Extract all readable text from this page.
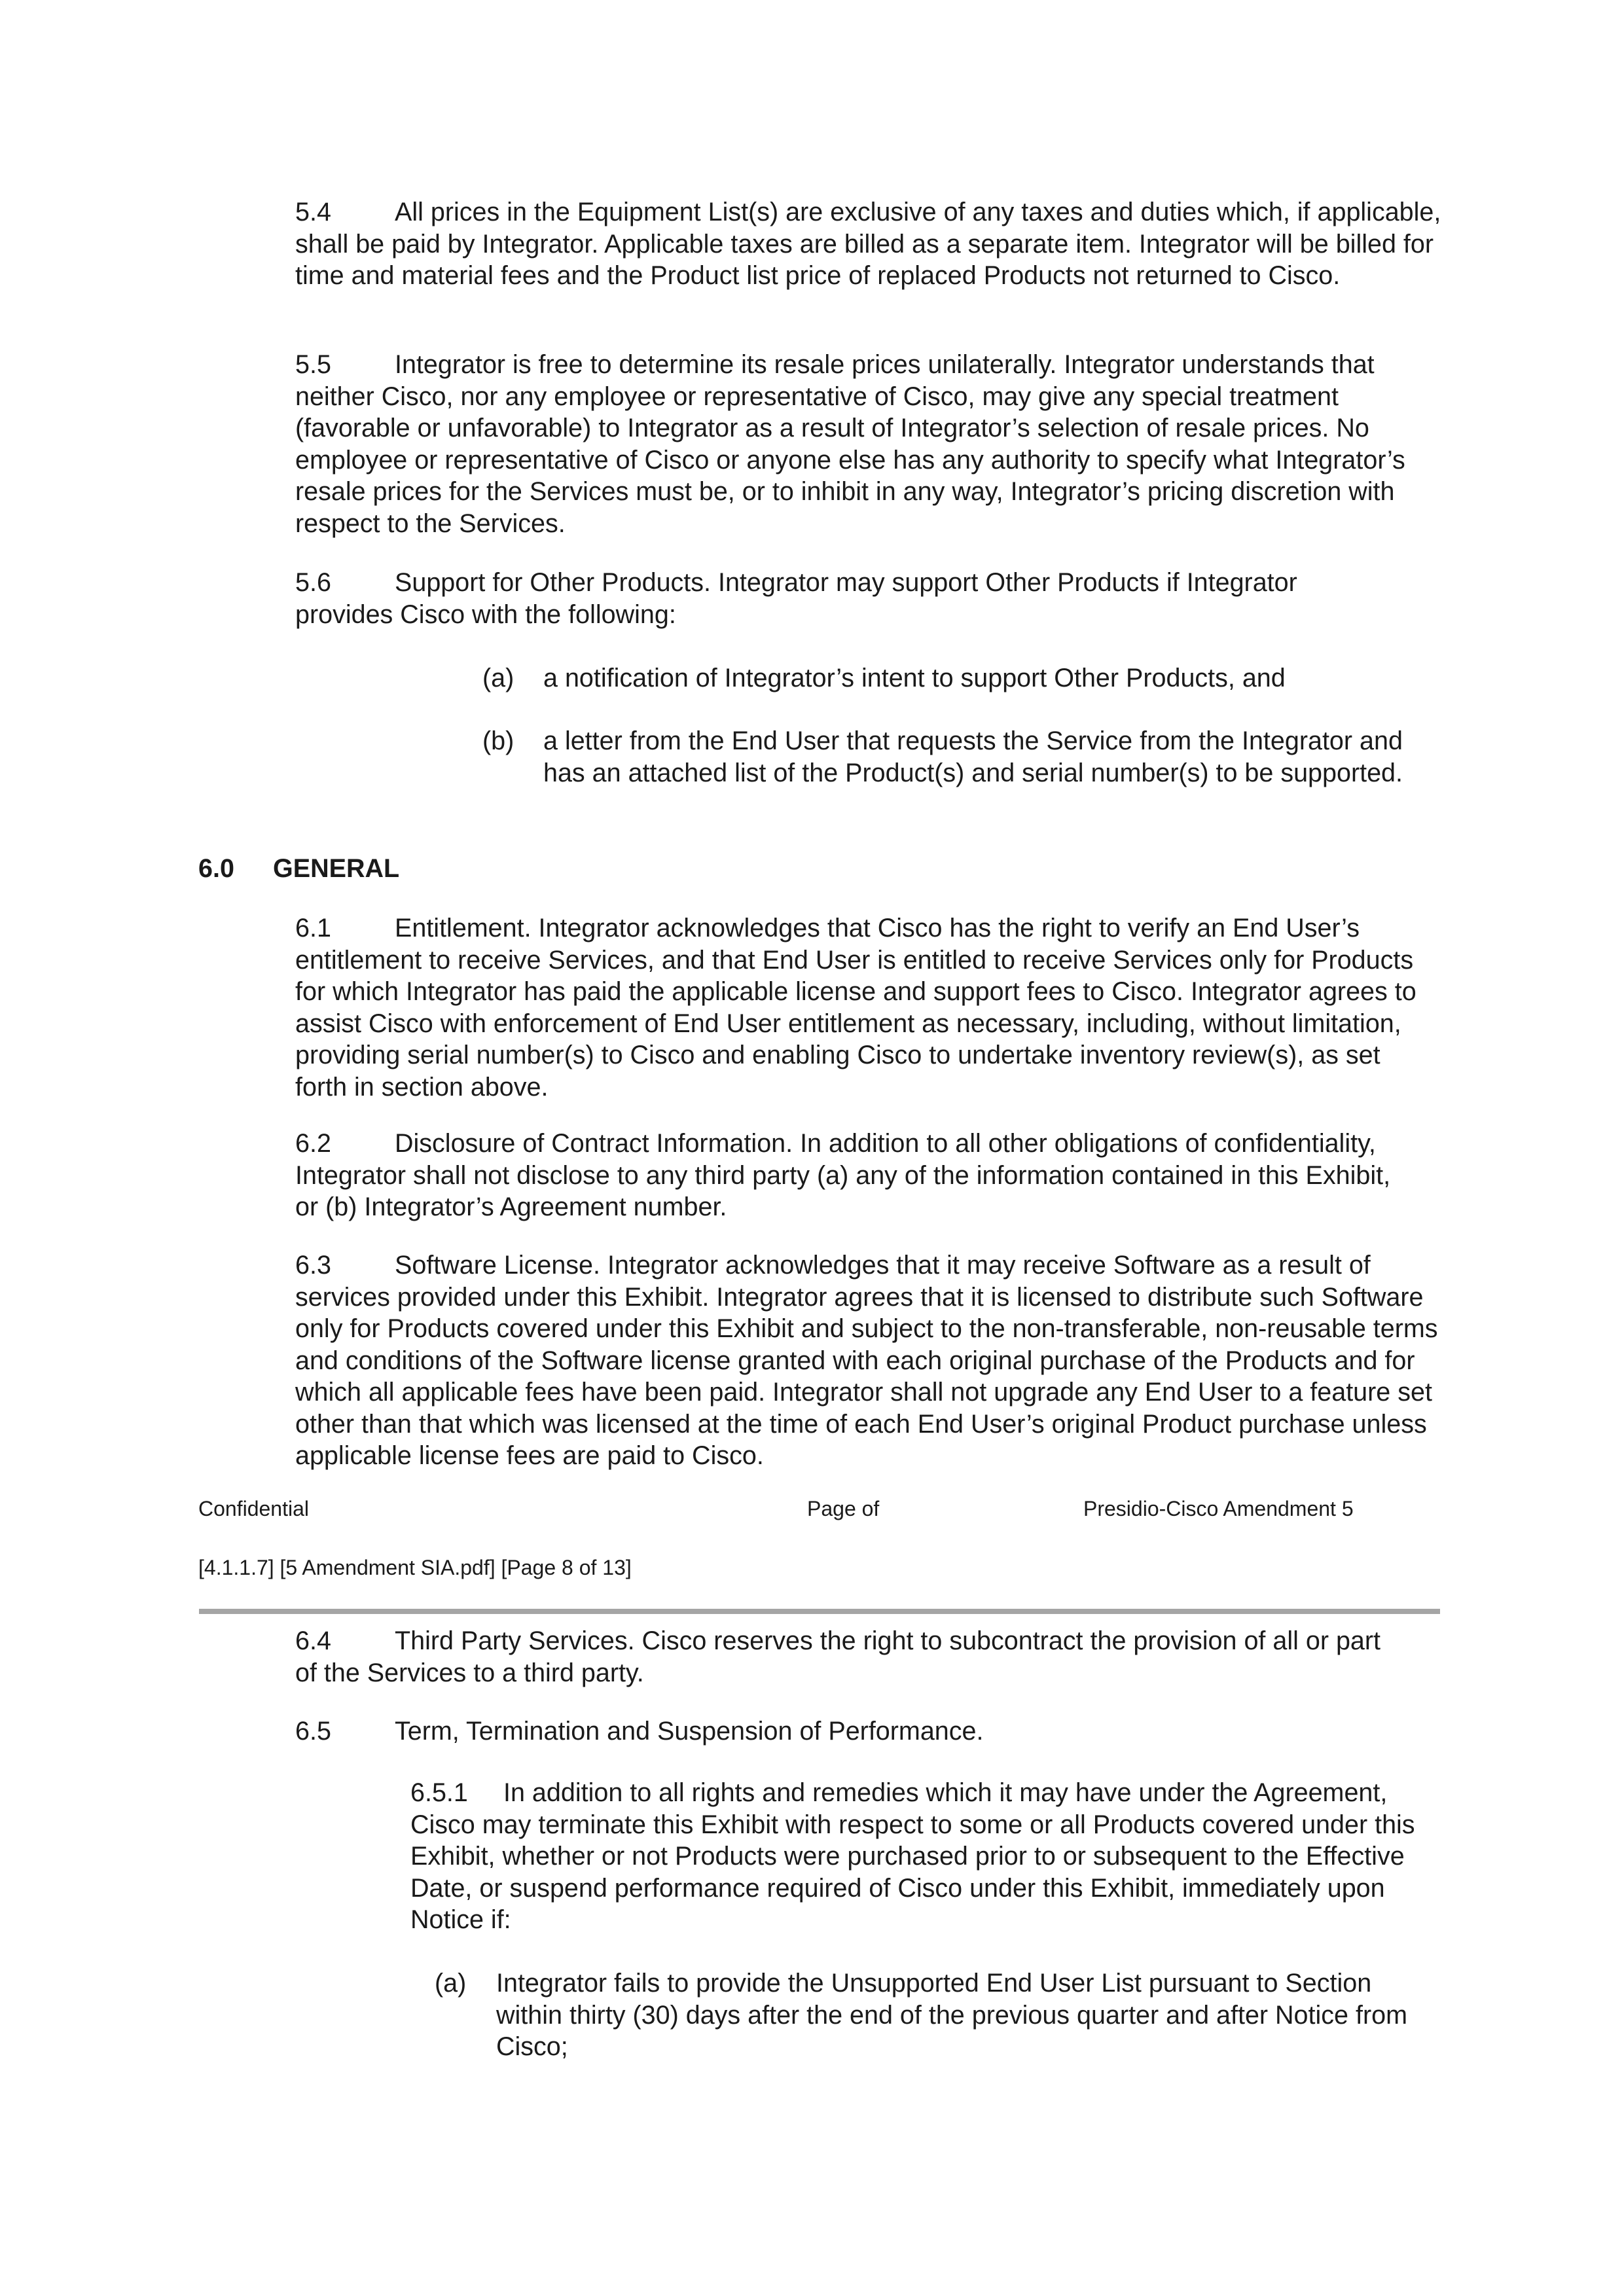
5.4 All prices in the Equipment List(s) are exclusive of any taxes and duties which, if applicable, shall be paid by Integrator. Applicable taxes are billed as a separate item. Integrator will be billed for time and material fees and the Product list price of replaced Products not returned to Cisco.

5.5 Integrator is free to determine its resale prices unilaterally. Integrator understands that neither Cisco, nor any employee or representative of Cisco, may give any special treatment (favorable or unfavorable) to Integrator as a result of Integrator’s selection of resale prices. No employee or representative of Cisco or anyone else has any authority to specify what Integrator’s resale prices for the Services must be, or to inhibit in any way, Integrator’s pricing discretion with respect to the Services.

5.6 Support for Other Products. Integrator may support Other Products if Integrator provides Cisco with the following:

(a) a notification of Integrator’s intent to support Other Products, and
(b) a letter from the End User that requests the Service from the Integrator and has an attached list of the Product(s) and serial number(s) to be supported.

6.0 GENERAL

6.1 Entitlement. Integrator acknowledges that Cisco has the right to verify an End User’s entitlement to receive Services, and that End User is entitled to receive Services only for Products for which Integrator has paid the applicable license and support fees to Cisco. Integrator agrees to assist Cisco with enforcement of End User entitlement as necessary, including, without limitation, providing serial number(s) to Cisco and enabling Cisco to undertake inventory review(s), as set forth in section above.

6.2 Disclosure of Contract Information. In addition to all other obligations of confidentiality, Integrator shall not disclose to any third party (a) any of the information contained in this Exhibit, or (b) Integrator’s Agreement number.

6.3 Software License. Integrator acknowledges that it may receive Software as a result of services provided under this Exhibit. Integrator agrees that it is licensed to distribute such Software only for Products covered under this Exhibit and subject to the non-transferable, non-reusable terms and conditions of the Software license granted with each original purchase of the Products and for which all applicable fees have been paid. Integrator shall not upgrade any End User to a feature set other than that which was licensed at the time of each End User’s original Product purchase unless applicable license fees are paid to Cisco.

Confidential	Page of	Presidio-Cisco Amendment 5

[4.1.1.7] [5 Amendment SIA.pdf] [Page 8 of 13]

6.4 Third Party Services. Cisco reserves the right to subcontract the provision of all or part of the Services to a third party.

6.5 Term, Termination and Suspension of Performance.

6.5.1 In addition to all rights and remedies which it may have under the Agreement, Cisco may terminate this Exhibit with respect to some or all Products covered under this Exhibit, whether or not Products were purchased prior to or subsequent to the Effective Date, or suspend performance required of Cisco under this Exhibit, immediately upon Notice if:

(a) Integrator fails to provide the Unsupported End User List pursuant to Section within thirty (30) days after the end of the previous quarter and after Notice from Cisco;
